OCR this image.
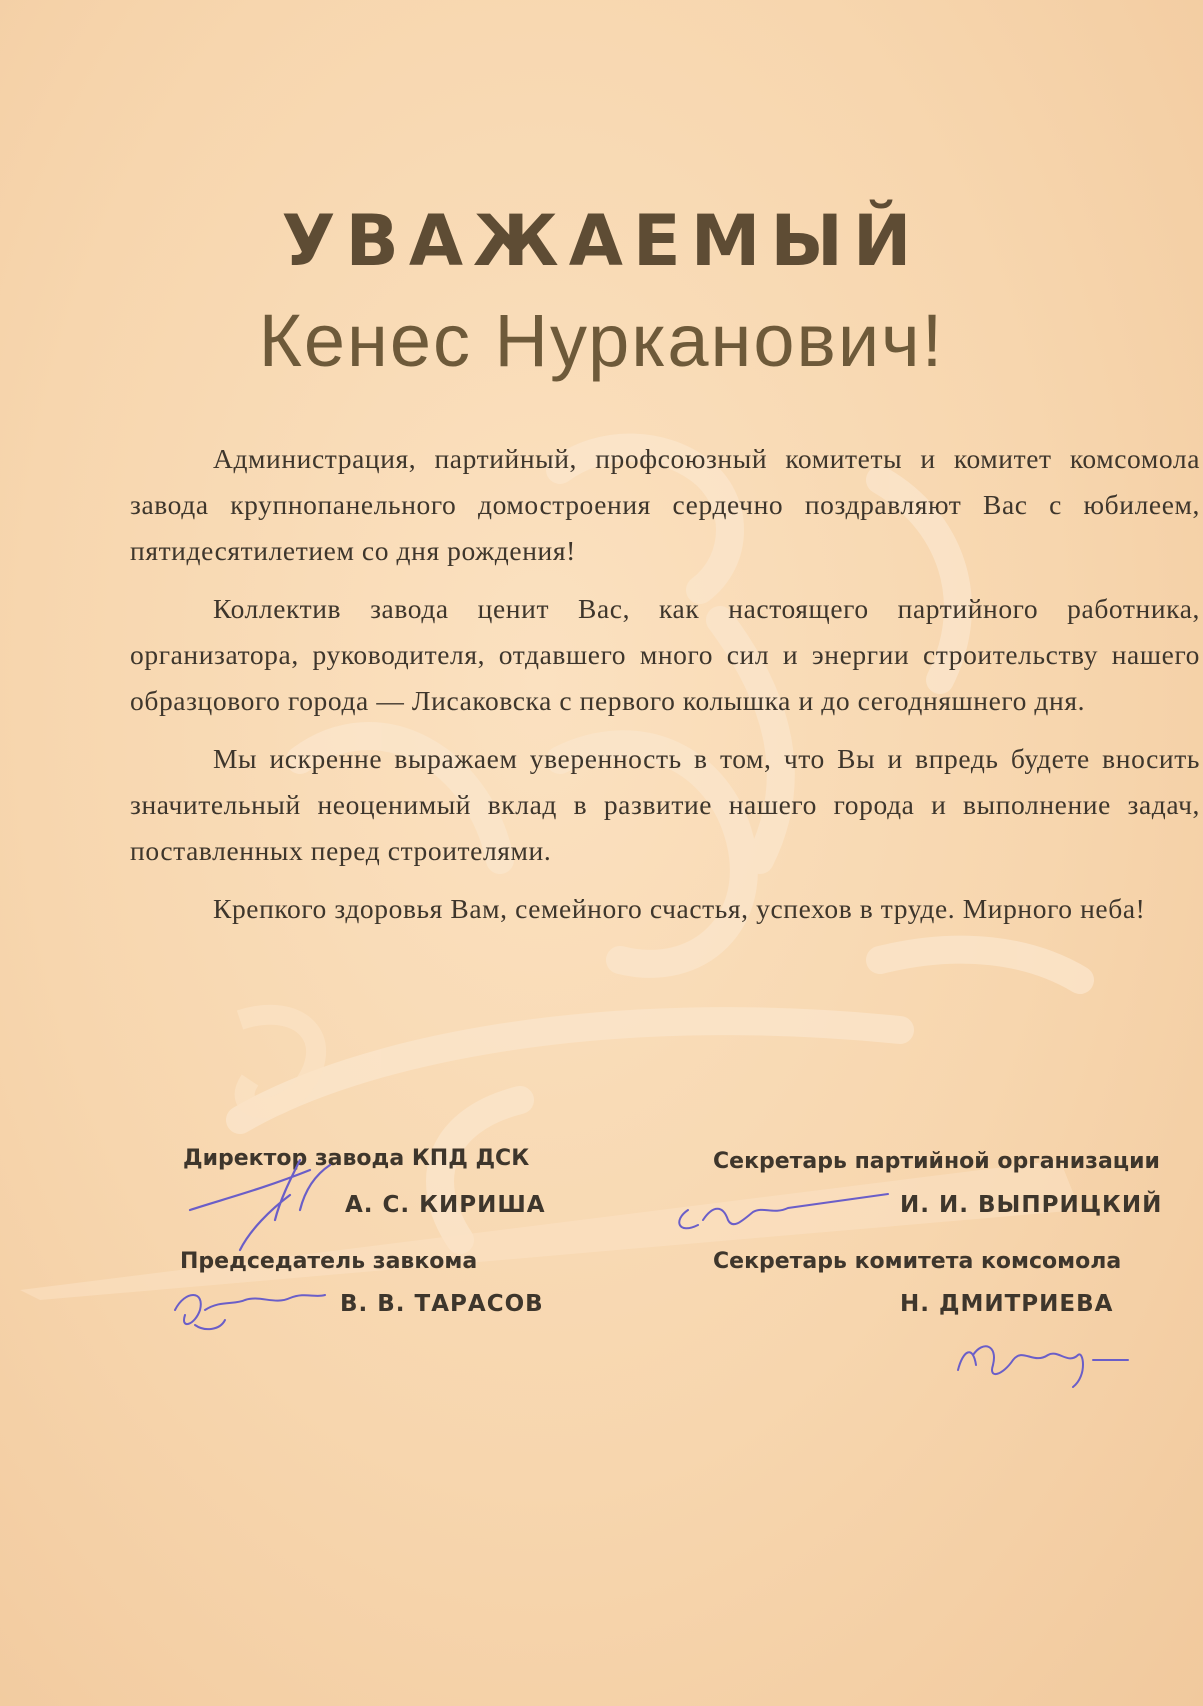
УВАЖАЕМЫЙ
Кенес Нурканович!

Администрация, партийный, профсоюзный комитеты и комитет комсомола завода крупнопанельного домостроения сердечно поздравляют Вас с юбилеем, пятидесятилетием со дня рождения!

Коллектив завода ценит Вас, как настоящего партийного работника, организатора, руководителя, отдавшего много сил и энергии строительству нашего образцового города — Лисаковска с первого колышка и до сегодняшнего дня.

Мы искренне выражаем уверенность в том, что Вы и впредь будете вносить значительный неоценимый вклад в развитие нашего города и выполнение задач, поставленных перед строителями.

Крепкого здоровья Вам, семейного счастья, успехов в труде. Мирного неба!

Директор завода КПД ДСК
А. С. КИРИША
Председатель завкома
В. В. ТАРАСОВ
Секретарь партийной организации
И. И. ВЫПРИЦКИЙ
Секретарь комитета комсомола
Н. ДМИТРИЕВА
